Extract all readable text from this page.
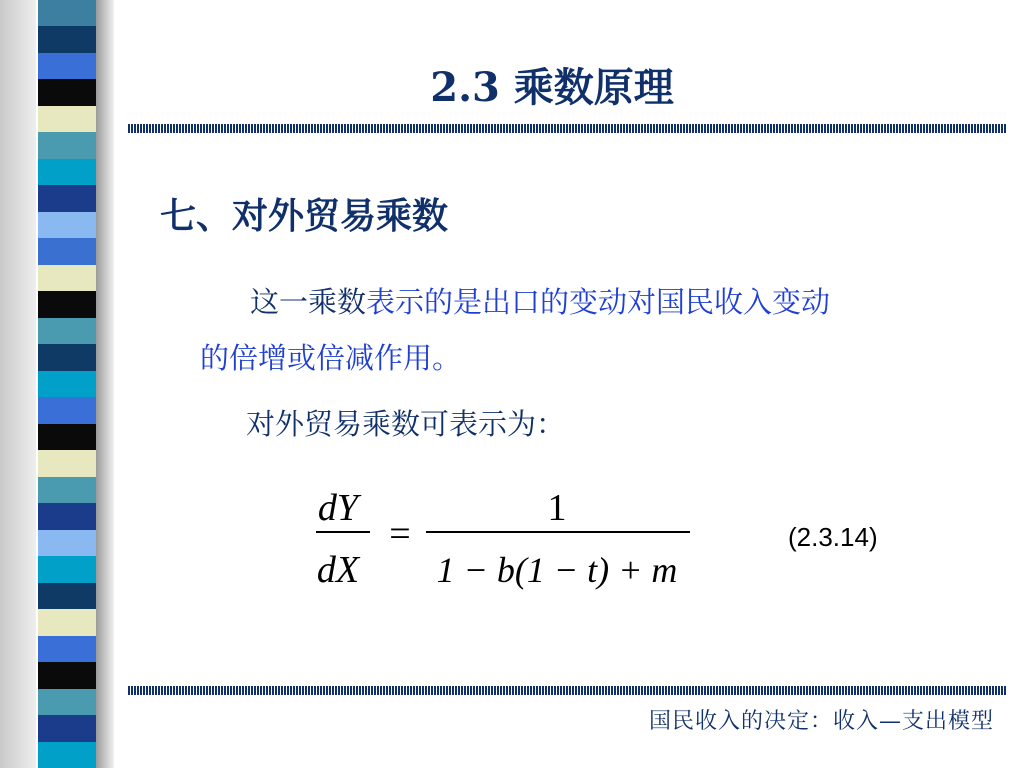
2.3 乘数原理
七、对外贸易乘数

这一乘数表示的是出口的变动对国民收入变动
的倍增或倍减作用。

对外贸易乘数可表示为：

dY
dX
=
1
1 − b(1 − t) + m

(2.3.14)

国民收入的决定：收入—支出模型
